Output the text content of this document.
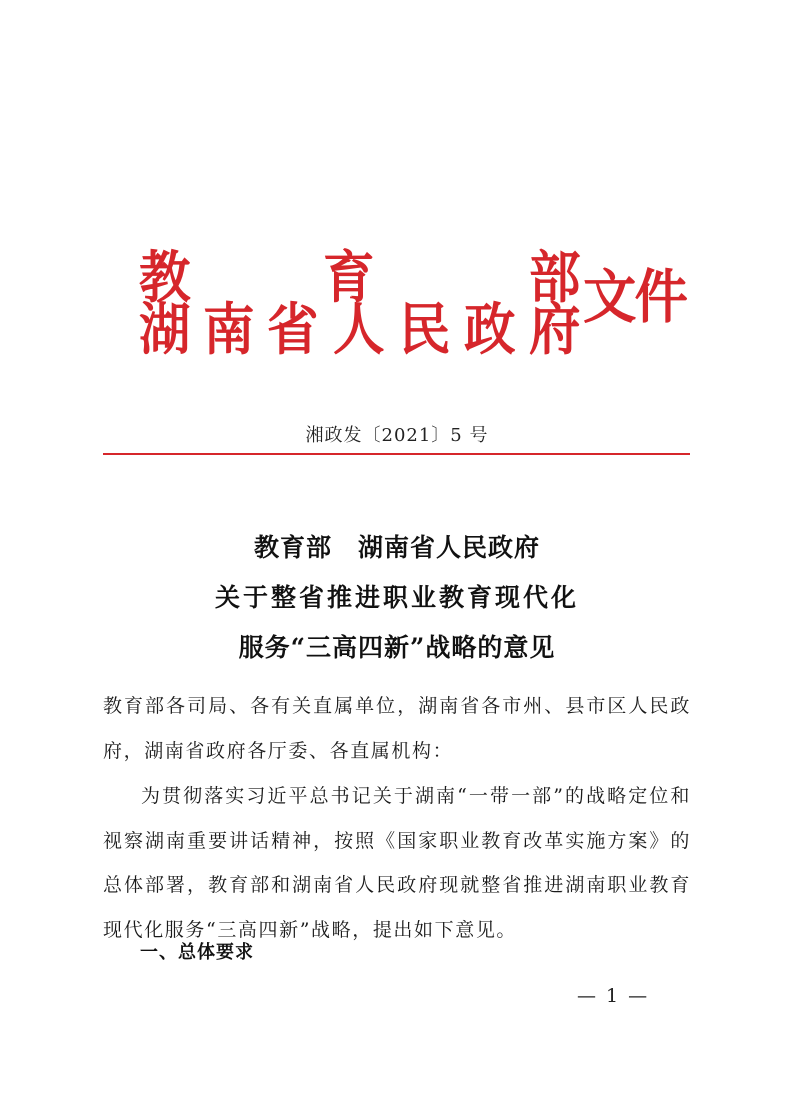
教 育	部
湖 南 省 人 民 政 府 文件
湘政发〔2021〕5 号
教育部 湖南省人民政府
关于整省推进职业教育现代化
服务“三高四新”战略的意见
教育部各司局、各有关直属单位，湖南省各市州、县市区人民政府，湖南省政府各厅委、各直属机构：
为贯彻落实习近平总书记关于湖南“一带一部”的战略定位和视察湖南重要讲话精神，按照《国家职业教育改革实施方案》的总体部署，教育部和湖南省人民政府现就整省推进湖南职业教育现代化服务“三高四新”战略，提出如下意见。
一、总体要求
— 1 —
